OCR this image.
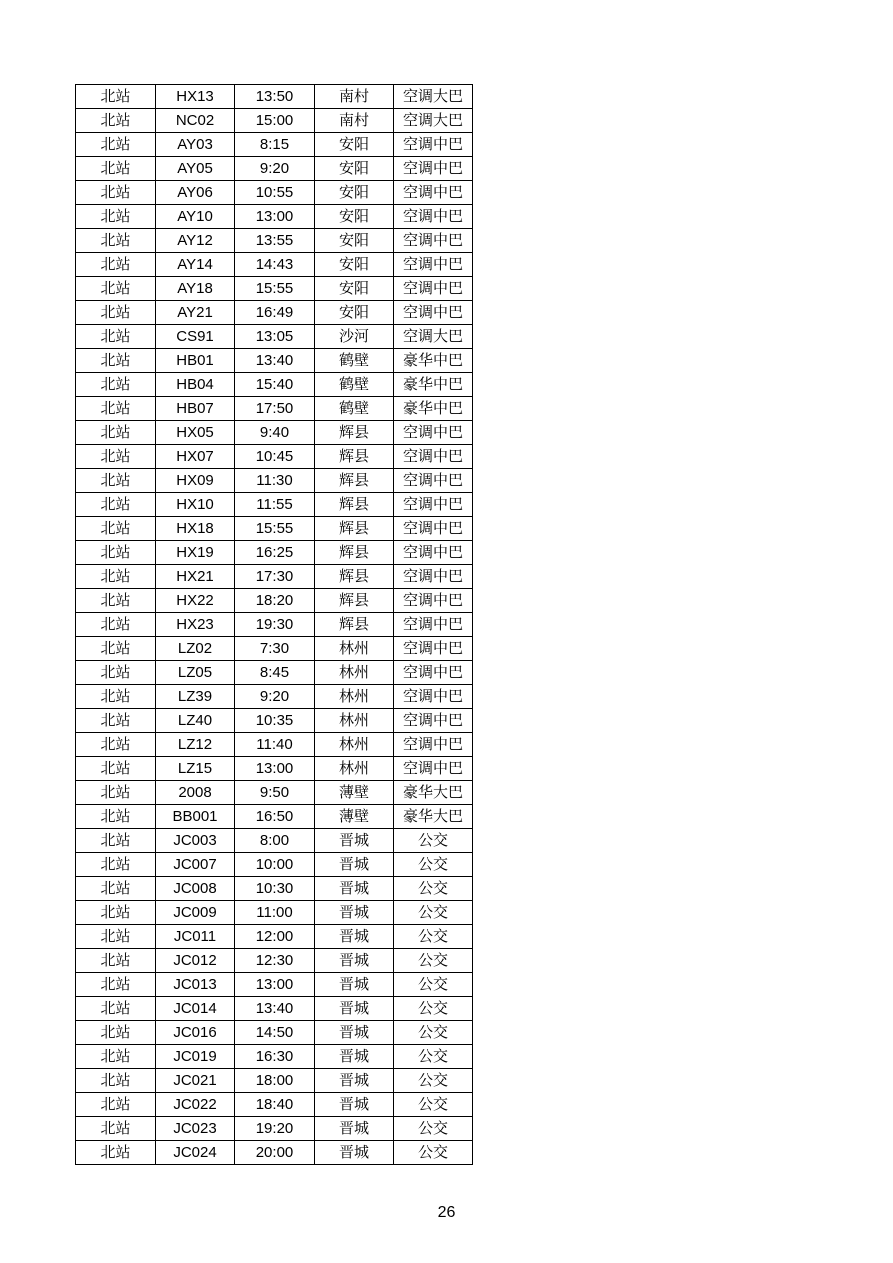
北站	HX13	13:50	南村	空调大巴
北站	NC02	15:00	南村	空调大巴
北站	AY03	8:15	安阳	空调中巴
北站	AY05	9:20	安阳	空调中巴
北站	AY06	10:55	安阳	空调中巴
北站	AY10	13:00	安阳	空调中巴
北站	AY12	13:55	安阳	空调中巴
北站	AY14	14:43	安阳	空调中巴
北站	AY18	15:55	安阳	空调中巴
北站	AY21	16:49	安阳	空调中巴
北站	CS91	13:05	沙河	空调大巴
北站	HB01	13:40	鹤壁	豪华中巴
北站	HB04	15:40	鹤壁	豪华中巴
北站	HB07	17:50	鹤壁	豪华中巴
北站	HX05	9:40	辉县	空调中巴
北站	HX07	10:45	辉县	空调中巴
北站	HX09	11:30	辉县	空调中巴
北站	HX10	11:55	辉县	空调中巴
北站	HX18	15:55	辉县	空调中巴
北站	HX19	16:25	辉县	空调中巴
北站	HX21	17:30	辉县	空调中巴
北站	HX22	18:20	辉县	空调中巴
北站	HX23	19:30	辉县	空调中巴
北站	LZ02	7:30	林州	空调中巴
北站	LZ05	8:45	林州	空调中巴
北站	LZ39	9:20	林州	空调中巴
北站	LZ40	10:35	林州	空调中巴
北站	LZ12	11:40	林州	空调中巴
北站	LZ15	13:00	林州	空调中巴
北站	2008	9:50	薄壁	豪华大巴
北站	BB001	16:50	薄壁	豪华大巴
北站	JC003	8:00	晋城	公交
北站	JC007	10:00	晋城	公交
北站	JC008	10:30	晋城	公交
北站	JC009	11:00	晋城	公交
北站	JC011	12:00	晋城	公交
北站	JC012	12:30	晋城	公交
北站	JC013	13:00	晋城	公交
北站	JC014	13:40	晋城	公交
北站	JC016	14:50	晋城	公交
北站	JC019	16:30	晋城	公交
北站	JC021	18:00	晋城	公交
北站	JC022	18:40	晋城	公交
北站	JC023	19:20	晋城	公交
北站	JC024	20:00	晋城	公交
26
